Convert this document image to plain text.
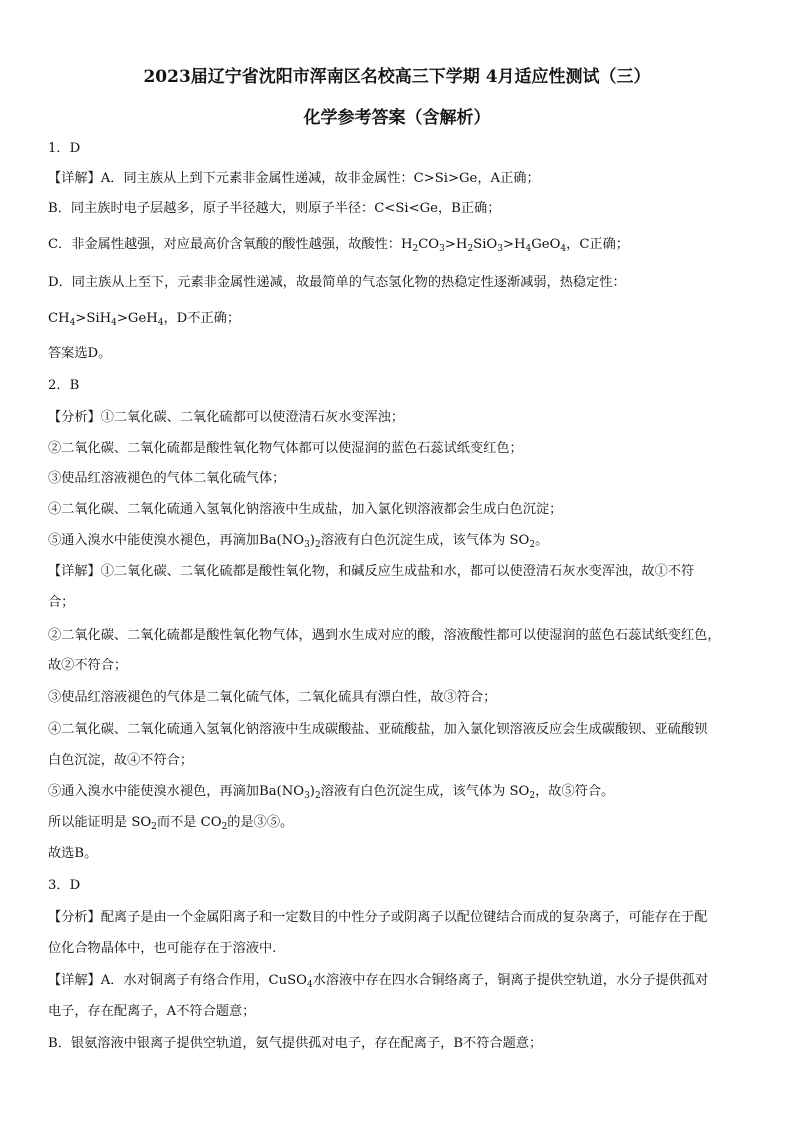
2023届辽宁省沈阳市浑南区名校高三下学期 4月适应性测试（三）
化学参考答案（含解析）
1．D
【详解】A．同主族从上到下元素非金属性递减，故非金属性：C>Si>Ge，A正确；
B．同主族时电子层越多，原子半径越大，则原子半径：C<Si<Ge，B正确；
C．非金属性越强，对应最高价含氧酸的酸性越强，故酸性：$H_2CO_3>H_2SiO_3>H_4GeO_4$，C正确；
D．同主族从上至下，元素非金属性递减，故最简单的气态氢化物的热稳定性逐渐减弱，热稳定性：
$CH_4>SiH_4>GeH_4$，D不正确；
答案选D。
2．B
【分析】①二氧化碳、二氧化硫都可以使澄清石灰水变浑浊；
②二氧化碳、二氧化硫都是酸性氧化物气体都可以使湿润的蓝色石蕊试纸变红色；
③使品红溶液褪色的气体二氧化硫气体；
④二氧化碳、二氧化硫通入氢氧化钠溶液中生成盐，加入氯化钡溶液都会生成白色沉淀；
⑤通入溴水中能使溴水褪色，再滴加$Ba(NO_3)_2$溶液有白色沉淀生成，该气体为 $SO_2$。
【详解】①二氧化碳、二氧化硫都是酸性氧化物，和碱反应生成盐和水，都可以使澄清石灰水变浑浊，故①不符
合；
②二氧化碳、二氧化硫都是酸性氧化物气体，遇到水生成对应的酸，溶液酸性都可以使湿润的蓝色石蕊试纸变红色，
故②不符合；
③使品红溶液褪色的气体是二氧化硫气体，二氧化硫具有漂白性，故③符合；
④二氧化碳、二氧化硫通入氢氧化钠溶液中生成碳酸盐、亚硫酸盐，加入氯化钡溶液反应会生成碳酸钡、亚硫酸钡
白色沉淀，故④不符合；
⑤通入溴水中能使溴水褪色，再滴加$Ba(NO_3)_2$溶液有白色沉淀生成，该气体为 $SO_2$，故⑤符合。
所以能证明是 $SO_2$而不是 $CO_2$的是③⑤。
故选B。
3．D
【分析】配离子是由一个金属阳离子和一定数目的中性分子或阴离子以配位键结合而成的复杂离子，可能存在于配
位化合物晶体中，也可能存在于溶液中.
【详解】A．水对铜离子有络合作用，CuSO$_4$水溶液中存在四水合铜络离子，铜离子提供空轨道，水分子提供孤对
电子，存在配离子，A不符合题意；
B．银氨溶液中银离子提供空轨道，氨气提供孤对电子，存在配离子，B不符合题意；
